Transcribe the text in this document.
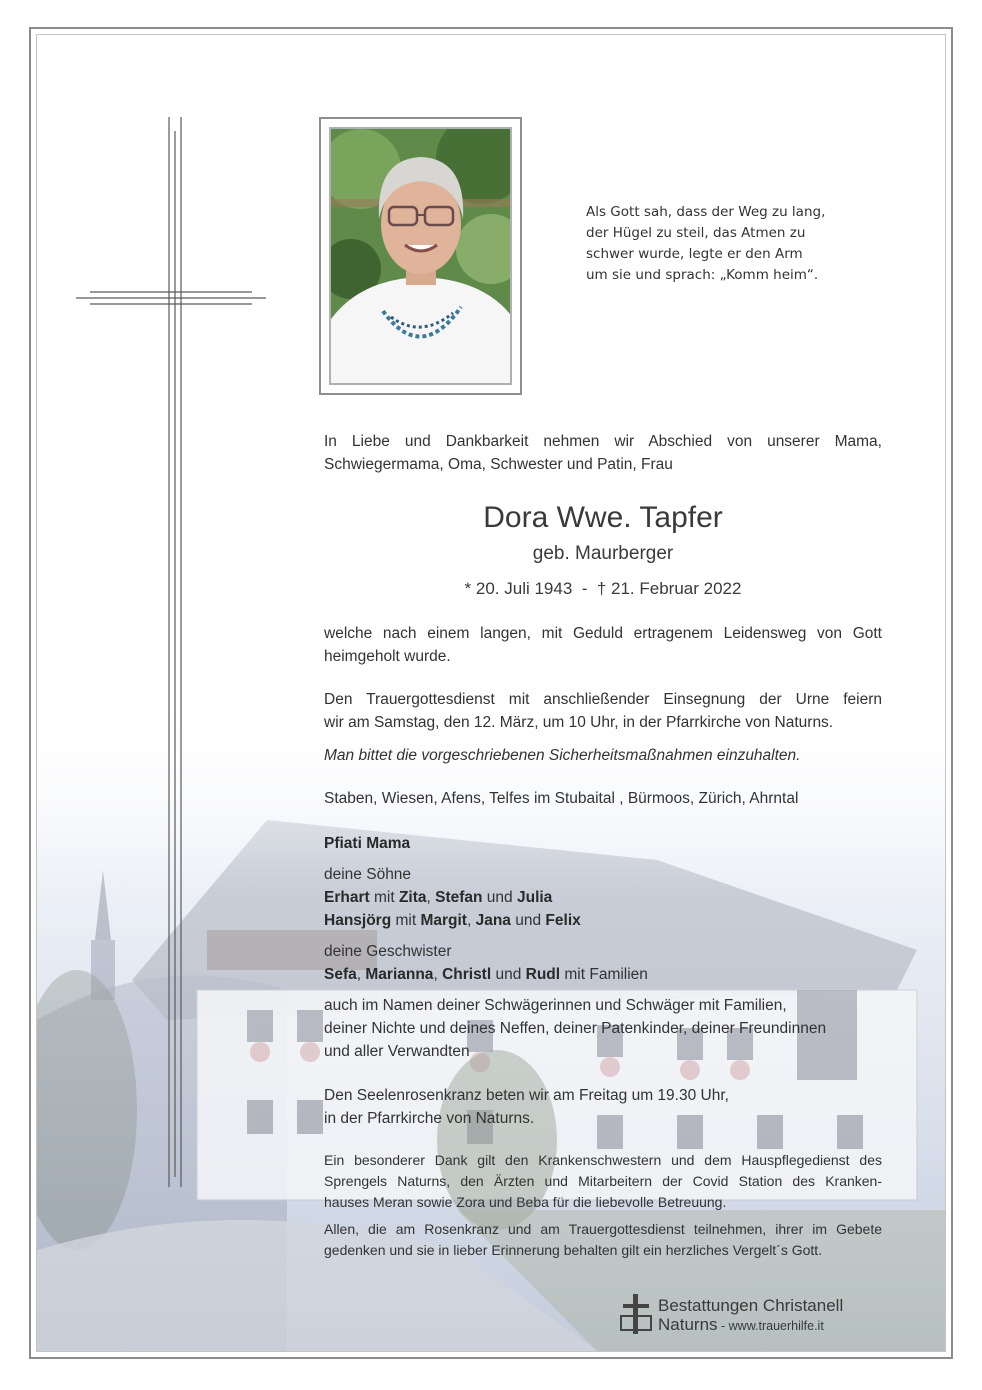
Als Gott sah, dass der Weg zu lang,
der Hügel zu steil, das Atmen zu
schwer wurde, legte er den Arm
um sie und sprach: „Komm heim“.
In Liebe und Dankbarkeit nehmen wir Abschied von unserer Mama,
Schwiegermama, Oma, Schwester und Patin, Frau
Dora Wwe. Tapfer
geb. Maurberger
* 20. Juli 1943  -  † 21. Februar 2022
welche nach einem langen, mit Geduld ertragenem Leidensweg von Gott
heimgeholt wurde.
Den Trauergottesdienst mit anschließender Einsegnung der Urne feiern
wir am Samstag, den 12. März, um 10 Uhr, in der Pfarrkirche von Naturns.
Man bittet die vorgeschriebenen Sicherheitsmaßnahmen einzuhalten.
Staben, Wiesen, Afens, Telfes im Stubaital , Bürmoos, Zürich, Ahrntal
Pfiati Mama
deine Söhne
Erhart mit Zita, Stefan und Julia
Hansjörg mit Margit, Jana und Felix
deine Geschwister
Sefa, Marianna, Christl und Rudl mit Familien
auch im Namen deiner Schwägerinnen und Schwäger mit Familien,
deiner Nichte und deines Neffen, deiner Patenkinder, deiner Freundinnen
und aller Verwandten
Den Seelenrosenkranz beten wir am Freitag um 19.30 Uhr,
in der Pfarrkirche von Naturns.
Ein besonderer Dank gilt den Krankenschwestern und dem Hauspflegedienst des
Sprengels Naturns, den Ärzten und Mitarbeitern der Covid Station des Kranken-
hauses Meran sowie Zora und Beba für die liebevolle Betreuung.
Allen, die am Rosenkranz und am Trauergottesdienst teilnehmen, ihrer im Gebete
gedenken und sie in lieber Erinnerung behalten gilt ein herzliches Vergelt´s Gott.
Bestattungen Christanell
Naturns - www.trauerhilfe.it
